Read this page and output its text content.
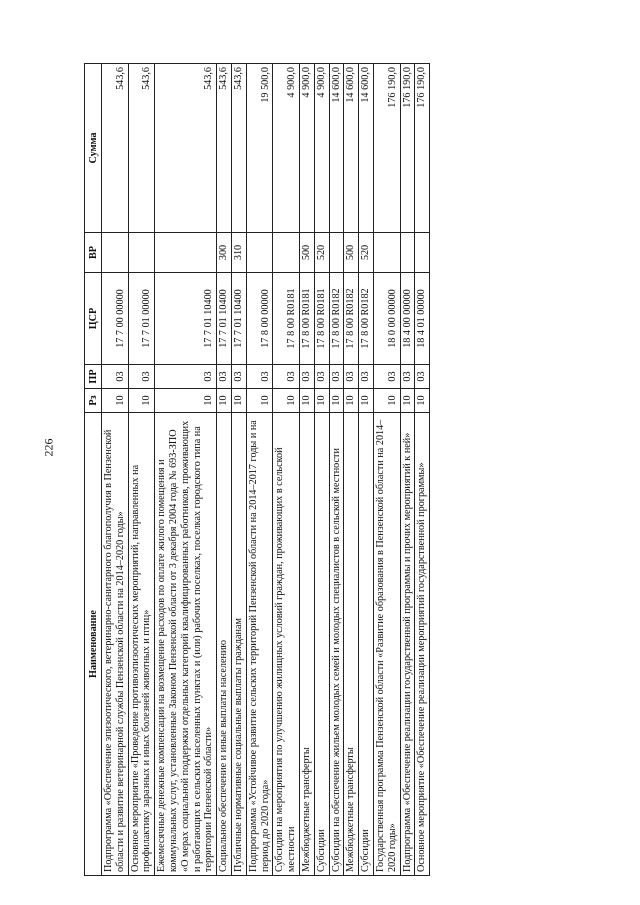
226
Наименование	Рз	ПР	ЦСР	ВР	Сумма
Подпрограмма «Обеспечение эпизоотического, ветеринарно-санитарного благополучия в Пензенской области и развитие ветеринарной службы Пензенской области на 2014–2020 годы»	10	03	17 7 00 00000		543,6
Основное мероприятие «Проведение противоэпизоотических мероприятий, направленных на профилактику заразных и иных болезней животных и птиц»	10	03	17 7 01 00000		543,6
Ежемесячные денежные компенсации на возмещение расходов по оплате жилого помещения и коммунальных услуг, установленные Законом Пензенской области от 3 декабря 2004 года № 693-ЗПО «О мерах социальной поддержки отдельных категорий квалифицированных работников, проживающих и работающих в сельских населенных пунктах и (или) рабочих поселках, поселках городского типа на территории Пензенской области»	10	03	17 7 01 10400		543,6
Социальное обеспечение и иные выплаты населению	10	03	17 7 01 10400	300	543,6
Публичные нормативные социальные выплаты гражданам	10	03	17 7 01 10400	310	543,6
Подпрограмма «Устойчивое развитие сельских территорий Пензенской области на 2014–2017 годы и на период до 2020 года»	10	03	17 8 00 00000		19 500,0
Субсидии на мероприятия по улучшению жилищных условий граждан, проживающих в сельской местности	10	03	17 8 00 R0181		4 900,0
Межбюджетные трансферты	10	03	17 8 00 R0181	500	4 900,0
Субсидии	10	03	17 8 00 R0181	520	4 900,0
Субсидии на обеспечение жильем молодых семей и молодых специалистов в сельской местности	10	03	17 8 00 R0182		14 600,0
Межбюджетные трансферты	10	03	17 8 00 R0182	500	14 600,0
Субсидии	10	03	17 8 00 R0182	520	14 600,0
Государственная программа Пензенской области «Развитие образования в Пензенской области на 2014–2020 годы»	10	03	18 0 00 00000		176 190,0
Подпрограмма «Обеспечение реализации государственной программы и прочих мероприятий к ней»	10	03	18 4 00 00000		176 190,0
Основное мероприятие «Обеспечение реализации мероприятий государственной программы»	10	03	18 4 01 00000		176 190,0
